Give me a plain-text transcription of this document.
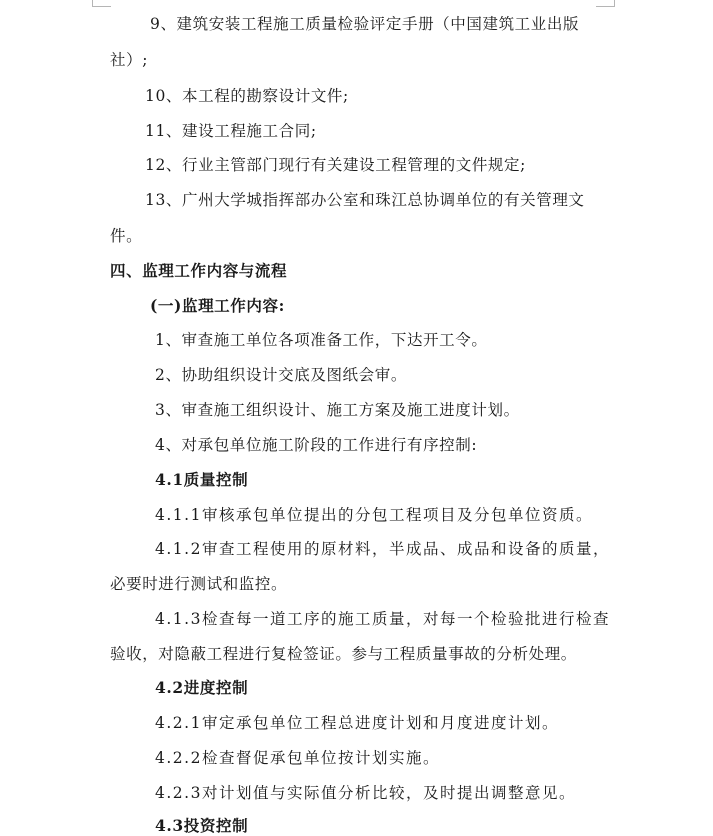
9、建筑安装工程施工质量检验评定手册（中国建筑工业出版
社）;
10、本工程的勘察设计文件;
11、建设工程施工合同;
12、行业主管部门现行有关建设工程管理的文件规定;
13、广州大学城指挥部办公室和珠江总协调单位的有关管理文
件。
四、监理工作内容与流程
(一)监理工作内容:
1、审查施工单位各项准备工作，下达开工令。
2、协助组织设计交底及图纸会审。
3、审查施工组织设计、施工方案及施工进度计划。
4、对承包单位施工阶段的工作进行有序控制:
4.1质量控制
4.1.1审核承包单位提出的分包工程项目及分包单位资质。
4.1.2审查工程使用的原材料，半成品、成品和设备的质量，
必要时进行测试和监控。
4.1.3检查每一道工序的施工质量，对每一个检验批进行检查
验收，对隐蔽工程进行复检签证。参与工程质量事故的分析处理。
4.2进度控制
4.2.1审定承包单位工程总进度计划和月度进度计划。
4.2.2检查督促承包单位按计划实施。
4.2.3对计划值与实际值分析比较，及时提出调整意见。
4.3投资控制
